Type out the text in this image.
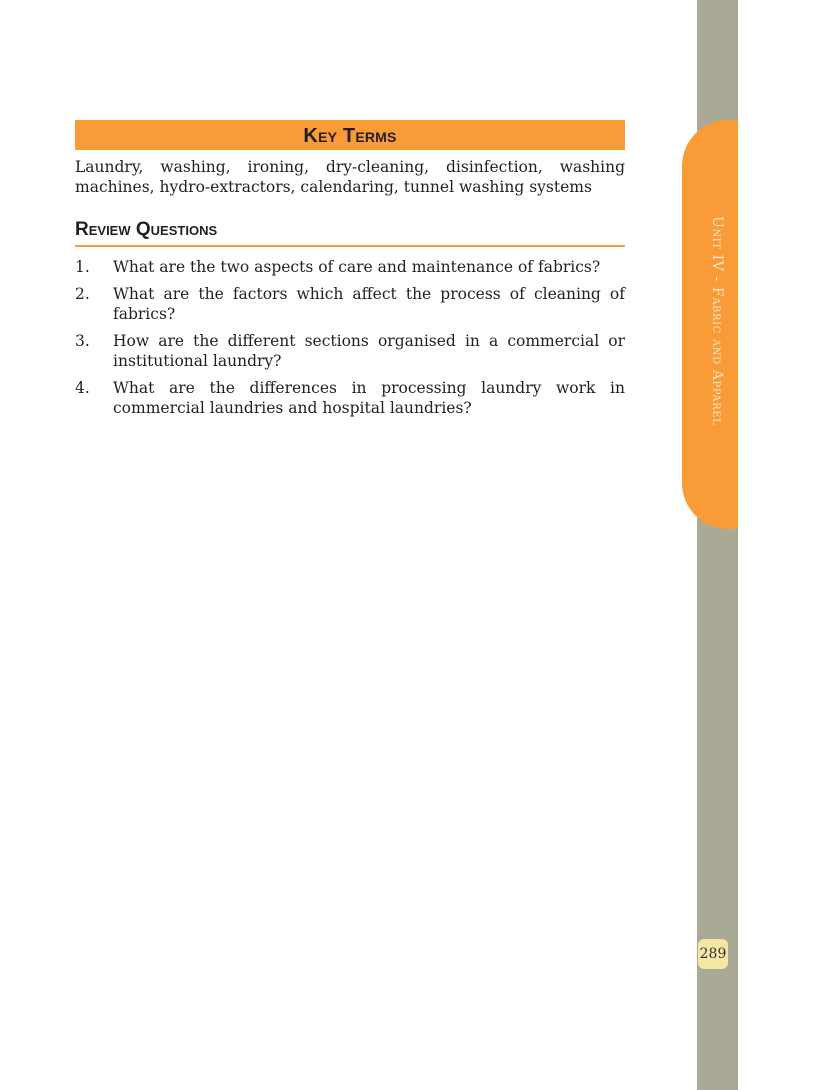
Unit IV - Fabric and Apparel
289
Key Terms

Laundry, washing, ironing, dry-cleaning, disinfection, washing machines, hydro-extractors, calendaring, tunnel washing systems

Review Questions
1.	What are the two aspects of care and maintenance of fabrics?
2.	What are the factors which affect the process of cleaning of fabrics?
3.	How are the different sections organised in a commercial or institutional laundry?
4.	What are the differences in processing laundry work in commercial laundries and hospital laundries?
